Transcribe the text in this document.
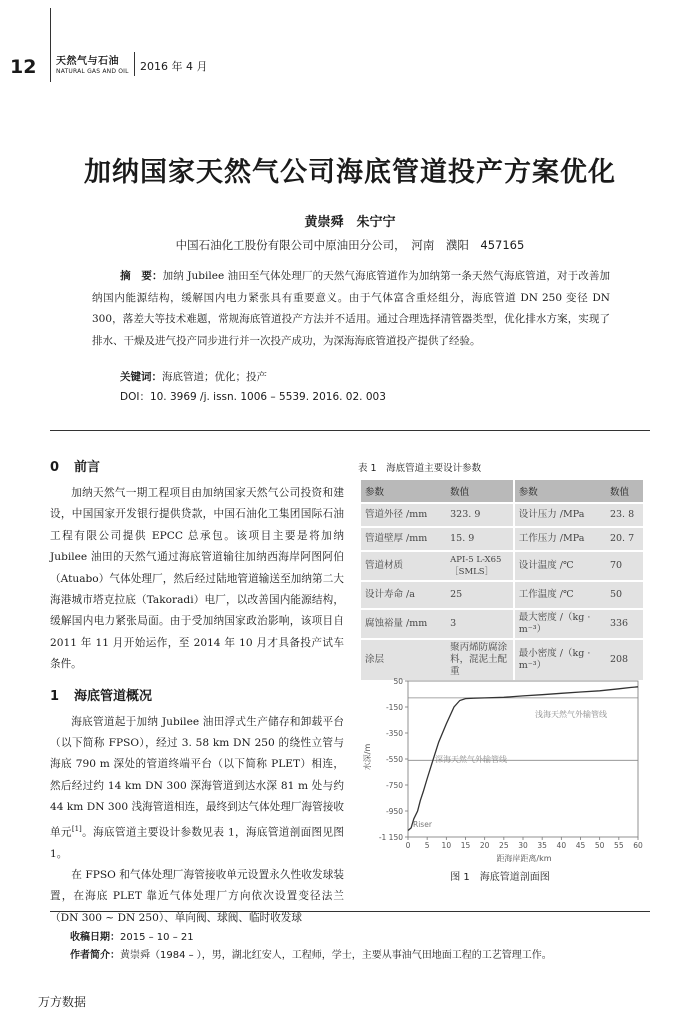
12 天然气与石油
NATURAL GAS AND OIL 2016 年 4 月
加纳国家天然气公司海底管道投产方案优化
黄崇舜　朱宁宁
中国石油化工股份有限公司中原油田分公司，　河南　濮阳　457165
摘　要：加纳 Jubilee 油田至气体处理厂的天然气海底管道作为加纳第一条天然气海底管道，对于改善加纳国内能源结构，缓解国内电力紧张具有重要意义。由于气体富含重烃组分，海底管道 DN 250 变径 DN 300，落差大等技术难题，常规海底管道投产方法并不适用。通过合理选择清管器类型，优化排水方案，实现了排水、干燥及进气投产同步进行并一次投产成功，为深海海底管道投产提供了经验。
关键词：海底管道；优化；投产
DOI：10. 3969 /j. issn. 1006 – 5539. 2016. 02. 003
0 前言

加纳天然气一期工程项目由加纳国家天然气公司投资和建设，中国国家开发银行提供贷款，中国石油化工集团国际石油工程有限公司提供 EPCC 总承包。该项目主要是将加纳 Jubilee 油田的天然气通过海底管道输往加纳西海岸阿图阿伯（Atuabo）气体处理厂，然后经过陆地管道输送至加纳第二大海港城市塔克拉底（Takoradi）电厂，以改善国内能源结构，缓解国内电力紧张局面。由于受加纳国家政治影响，该项目自 2011 年 11 月开始运作，至 2014 年 10 月才具备投产试车条件。

1 海底管道概况

海底管道起于加纳 Jubilee 油田浮式生产储存和卸载平台（以下简称 FPSO），经过 3. 58 km DN 250 的绕性立管与海底 790 m 深处的管道终端平台（以下简称 PLET）相连，然后经过约 14 km DN 300 深海管道到达水深 81 m 处与约 44 km DN 300 浅海管道相连，最终到达气体处理厂海管接收单元[1]。海底管道主要设计参数见表 1，海底管道剖面图见图 1。

在 FPSO 和气体处理厂海管接收单元设置永久性收发球装置，在海底 PLET 靠近气体处理厂方向依次设置变径法兰（DN 300 ~ DN 250）、单向阀、球阀、临时收发球

表 1　海底管道主要设计参数
参数	数值	参数	数值
管道外径 /mm	323. 9	设计压力 /MPa	23. 8
管道壁厚 /mm	15. 9	工作压力 /MPa	20. 7
管道材质	API-5 L-X65［SMLS］	设计温度 /℃	70
设计寿命 /a	25	工作温度 /℃	50
腐蚀裕量 /mm	3	最大密度 /（kg · m⁻³）	336
涂层	聚丙烯防腐涂料，混泥土配重	最小密度 /（kg · m⁻³）	208
50
-150
-350
-550
-750
-950
-1 150
0 5 10 15 20 25 30 35 40 45 50 55 60
水深/m
距海岸距离/km
Riser
浅海天然气外输管线
深海天然气外输管线
图 1　海底管道剖面图
收稿日期：2015 – 10 – 21
作者简介：黄崇舜（1984 – ），男，湖北红安人，工程师，学士，主要从事油气田地面工程的工艺管理工作。
万方数据
